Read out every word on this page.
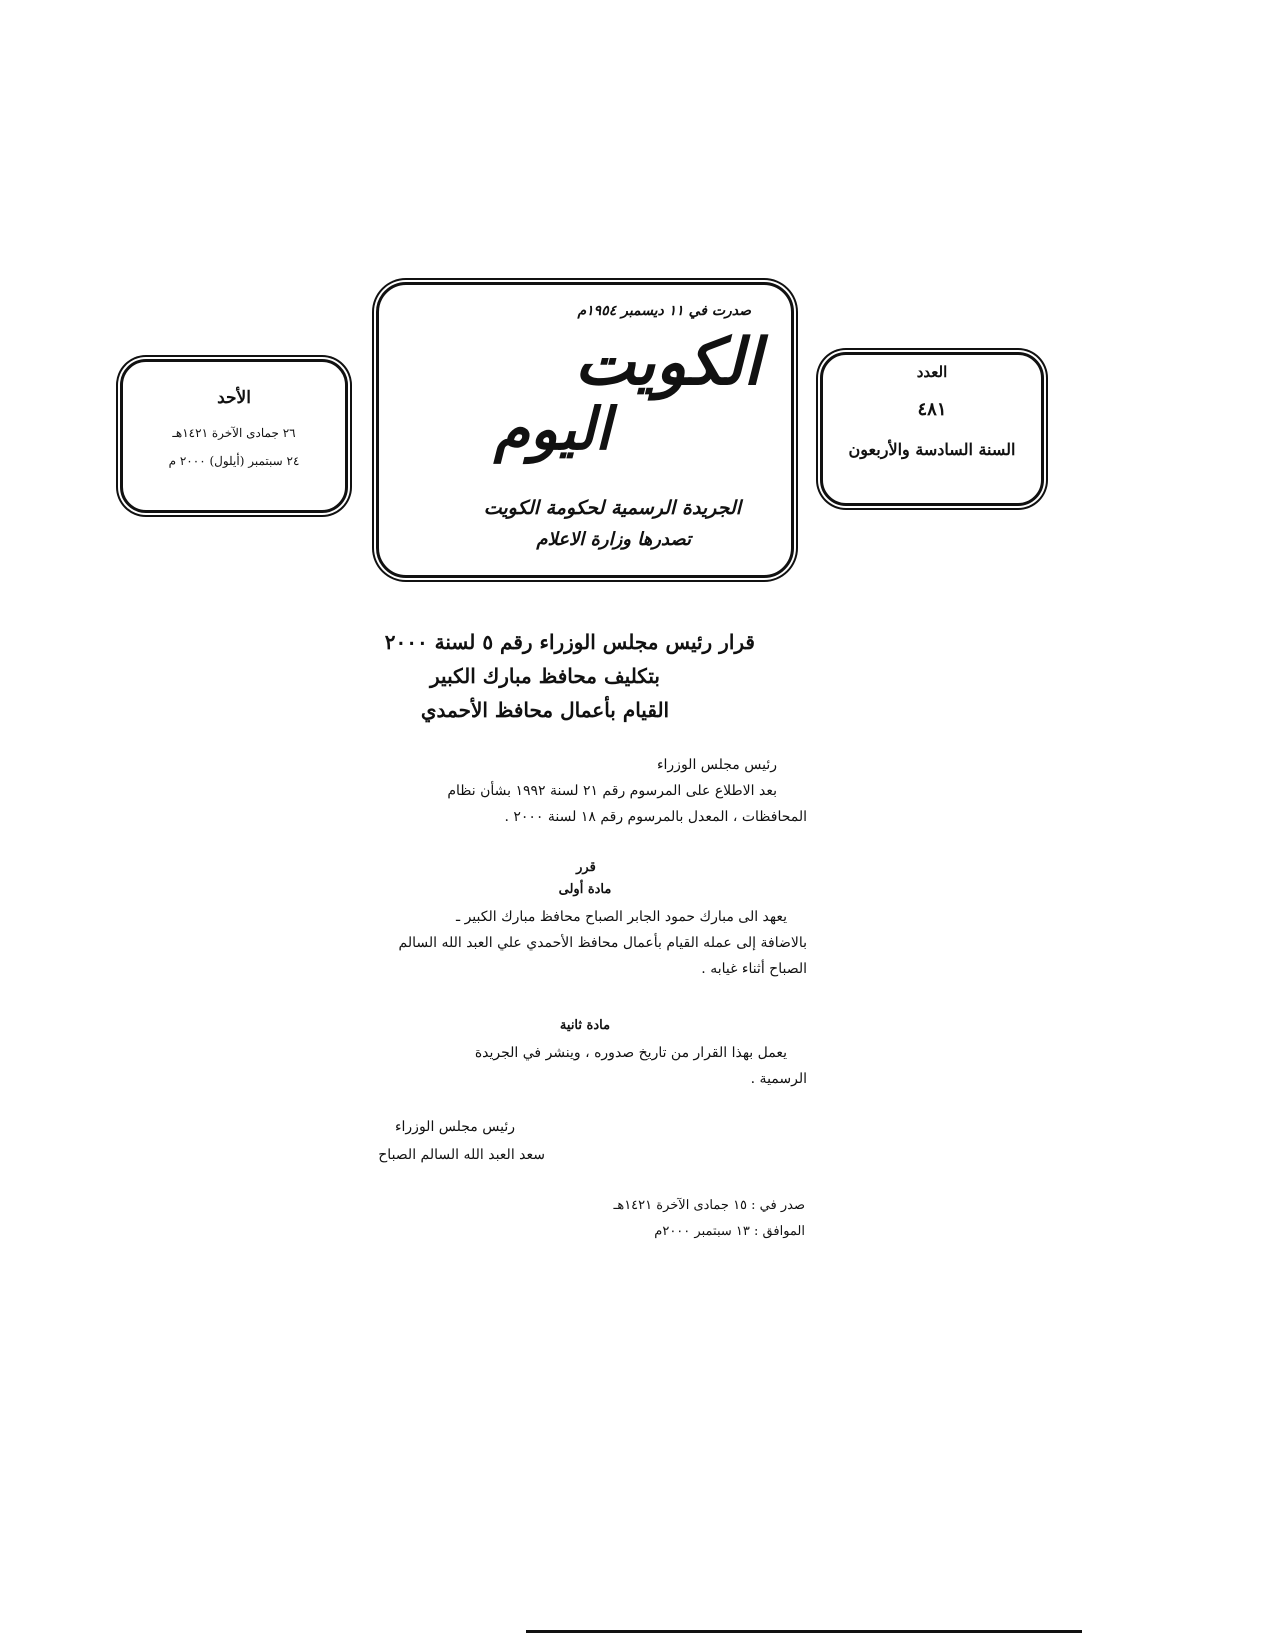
الأحد
٢٦ جمادى الآخرة ١٤٢١هـ
٢٤ سبتمبر (أيلول) ٢٠٠٠ م
صدرت في ١١ ديسمبر ١٩٥٤م
الكويت
اليوم
الجريدة الرسمية لحكومة الكويت
تصدرها وزارة الاعلام
العدد
٤٨١
السنة السادسة والأربعون
قرار رئيس مجلس الوزراء رقم ٥ لسنة ٢٠٠٠
بتكليف محافظ مبارك الكبير
القيام بأعمال محافظ الأحمدي
رئيس مجلس الوزراء
بعد الاطلاع على المرسوم رقم ٢١ لسنة ١٩٩٢ بشأن نظام
المحافظات ، المعدل بالمرسوم رقم ١٨ لسنة ٢٠٠٠ .
قرر
مادة أولى
يعهد الى مبارك حمود الجابر الصباح محافظ مبارك الكبير ـ
بالاضافة إلى عمله القيام بأعمال محافظ الأحمدي علي العبد الله السالم
الصباح أثناء غيابه .
مادة ثانية
يعمل بهذا القرار من تاريخ صدوره ، وينشر في الجريدة
الرسمية .
رئيس مجلس الوزراء
سعد العبد الله السالم الصباح
صدر في : ١٥ جمادى الآخرة ١٤٢١هـ
الموافق : ١٣ سبتمبر ٢٠٠٠م
